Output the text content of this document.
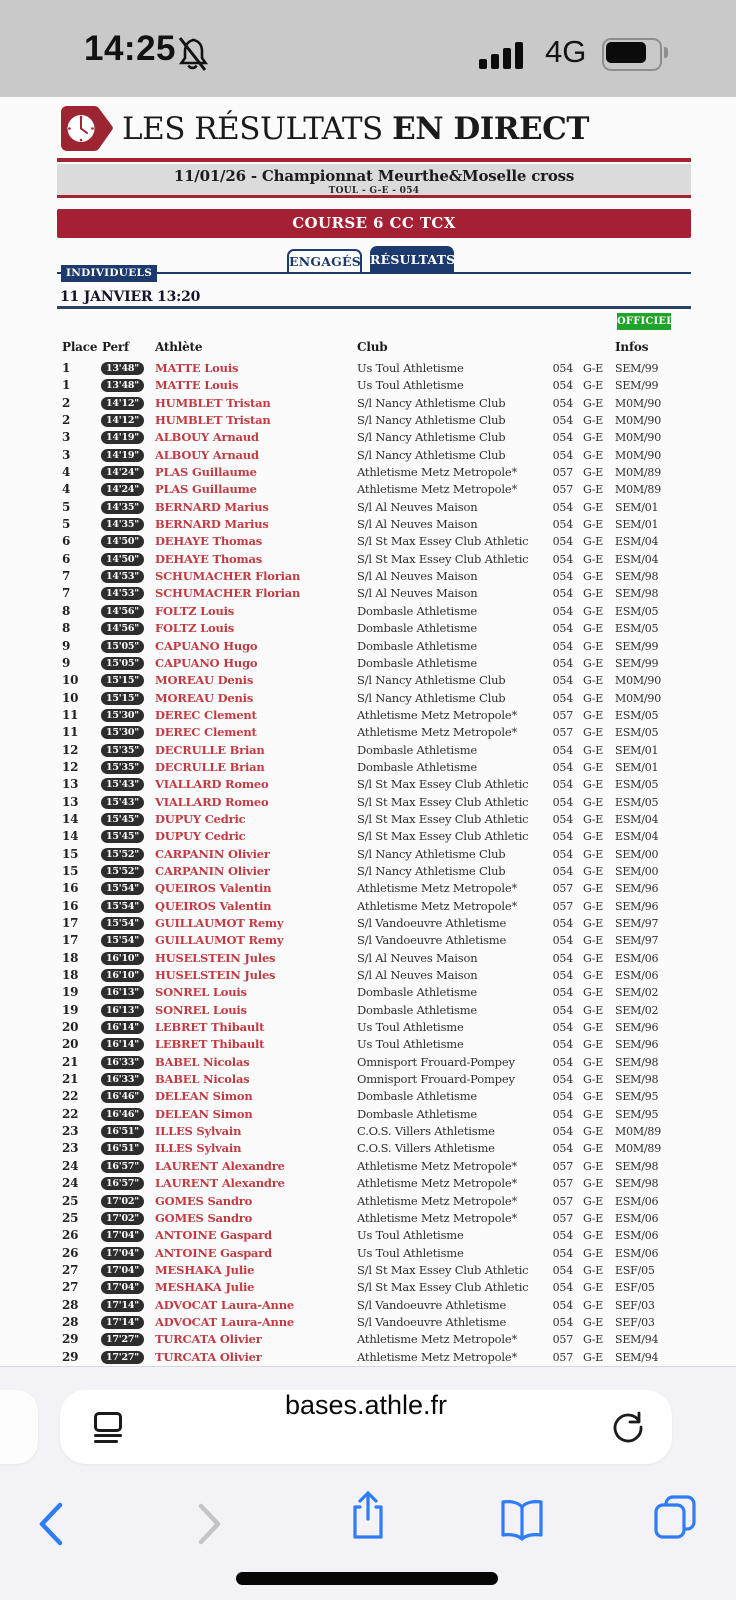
14:25	4G
LES RÉSULTATS EN DIRECT
11/01/26 - Championnat Meurthe&Moselle cross
TOUL - G-E - 054
COURSE 6 CC TCX
ENGAGÉS RÉSULTATS
INDIVIDUELS
11 JANVIER 13:20
OFFICIEL
Place Perf Athlète	Club	Infos
1	13'48"	MATTE Louis	Us Toul Athletisme	054 G-E SEM/99
1	13'48"	MATTE Louis	Us Toul Athletisme	054 G-E SEM/99
2	14'12"	HUMBLET Tristan	S/l Nancy Athletisme Club	054 G-E M0M/90
2	14'12"	HUMBLET Tristan	S/l Nancy Athletisme Club	054 G-E M0M/90
3	14'19"	ALBOUY Arnaud	S/l Nancy Athletisme Club	054 G-E M0M/90
3	14'19"	ALBOUY Arnaud	S/l Nancy Athletisme Club	054 G-E M0M/90
4	14'24"	PLAS Guillaume	Athletisme Metz Metropole*	057 G-E M0M/89
4	14'24"	PLAS Guillaume	Athletisme Metz Metropole*	057 G-E M0M/89
5	14'35"	BERNARD Marius	S/l Al Neuves Maison	054 G-E SEM/01
5	14'35"	BERNARD Marius	S/l Al Neuves Maison	054 G-E SEM/01
6	14'50"	DEHAYE Thomas	S/l St Max Essey Club Athletic	054 G-E ESM/04
6	14'50"	DEHAYE Thomas	S/l St Max Essey Club Athletic	054 G-E ESM/04
7	14'53"	SCHUMACHER Florian	S/l Al Neuves Maison	054 G-E SEM/98
7	14'53"	SCHUMACHER Florian	S/l Al Neuves Maison	054 G-E SEM/98
8	14'56"	FOLTZ Louis	Dombasle Athletisme	054 G-E ESM/05
8	14'56"	FOLTZ Louis	Dombasle Athletisme	054 G-E ESM/05
9	15'05"	CAPUANO Hugo	Dombasle Athletisme	054 G-E SEM/99
9	15'05"	CAPUANO Hugo	Dombasle Athletisme	054 G-E SEM/99
10	15'15"	MOREAU Denis	S/l Nancy Athletisme Club	054 G-E M0M/90
10	15'15"	MOREAU Denis	S/l Nancy Athletisme Club	054 G-E M0M/90
11	15'30"	DEREC Clement	Athletisme Metz Metropole*	057 G-E ESM/05
11	15'30"	DEREC Clement	Athletisme Metz Metropole*	057 G-E ESM/05
12	15'35"	DECRULLE Brian	Dombasle Athletisme	054 G-E SEM/01
12	15'35"	DECRULLE Brian	Dombasle Athletisme	054 G-E SEM/01
13	15'43"	VIALLARD Romeo	S/l St Max Essey Club Athletic	054 G-E ESM/05
13	15'43"	VIALLARD Romeo	S/l St Max Essey Club Athletic	054 G-E ESM/05
14	15'45"	DUPUY Cedric	S/l St Max Essey Club Athletic	054 G-E ESM/04
14	15'45"	DUPUY Cedric	S/l St Max Essey Club Athletic	054 G-E ESM/04
15	15'52"	CARPANIN Olivier	S/l Nancy Athletisme Club	054 G-E SEM/00
15	15'52"	CARPANIN Olivier	S/l Nancy Athletisme Club	054 G-E SEM/00
16	15'54"	QUEIROS Valentin	Athletisme Metz Metropole*	057 G-E SEM/96
16	15'54"	QUEIROS Valentin	Athletisme Metz Metropole*	057 G-E SEM/96
17	15'54"	GUILLAUMOT Remy	S/l Vandoeuvre Athletisme	054 G-E SEM/97
17	15'54"	GUILLAUMOT Remy	S/l Vandoeuvre Athletisme	054 G-E SEM/97
18	16'10"	HUSELSTEIN Jules	S/l Al Neuves Maison	054 G-E ESM/06
18	16'10"	HUSELSTEIN Jules	S/l Al Neuves Maison	054 G-E ESM/06
19	16'13"	SONREL Louis	Dombasle Athletisme	054 G-E SEM/02
19	16'13"	SONREL Louis	Dombasle Athletisme	054 G-E SEM/02
20	16'14"	LEBRET Thibault	Us Toul Athletisme	054 G-E SEM/96
20	16'14"	LEBRET Thibault	Us Toul Athletisme	054 G-E SEM/96
21	16'33"	BABEL Nicolas	Omnisport Frouard-Pompey	054 G-E SEM/98
21	16'33"	BABEL Nicolas	Omnisport Frouard-Pompey	054 G-E SEM/98
22	16'46"	DELEAN Simon	Dombasle Athletisme	054 G-E SEM/95
22	16'46"	DELEAN Simon	Dombasle Athletisme	054 G-E SEM/95
23	16'51"	ILLES Sylvain	C.O.S. Villers Athletisme	054 G-E M0M/89
23	16'51"	ILLES Sylvain	C.O.S. Villers Athletisme	054 G-E M0M/89
24	16'57"	LAURENT Alexandre	Athletisme Metz Metropole*	057 G-E SEM/98
24	16'57"	LAURENT Alexandre	Athletisme Metz Metropole*	057 G-E SEM/98
25	17'02"	GOMES Sandro	Athletisme Metz Metropole*	057 G-E ESM/06
25	17'02"	GOMES Sandro	Athletisme Metz Metropole*	057 G-E ESM/06
26	17'04"	ANTOINE Gaspard	Us Toul Athletisme	054 G-E ESM/06
26	17'04"	ANTOINE Gaspard	Us Toul Athletisme	054 G-E ESM/06
27	17'04"	MESHAKA Julie	S/l St Max Essey Club Athletic	054 G-E ESF/05
27	17'04"	MESHAKA Julie	S/l St Max Essey Club Athletic	054 G-E ESF/05
28	17'14"	ADVOCAT Laura-Anne	S/l Vandoeuvre Athletisme	054 G-E SEF/03
28	17'14"	ADVOCAT Laura-Anne	S/l Vandoeuvre Athletisme	054 G-E SEF/03
29	17'27"	TURCATA Olivier	Athletisme Metz Metropole*	057 G-E SEM/94
29	17'27"	TURCATA Olivier	Athletisme Metz Metropole*	057 G-E SEM/94
bases.athle.fr
